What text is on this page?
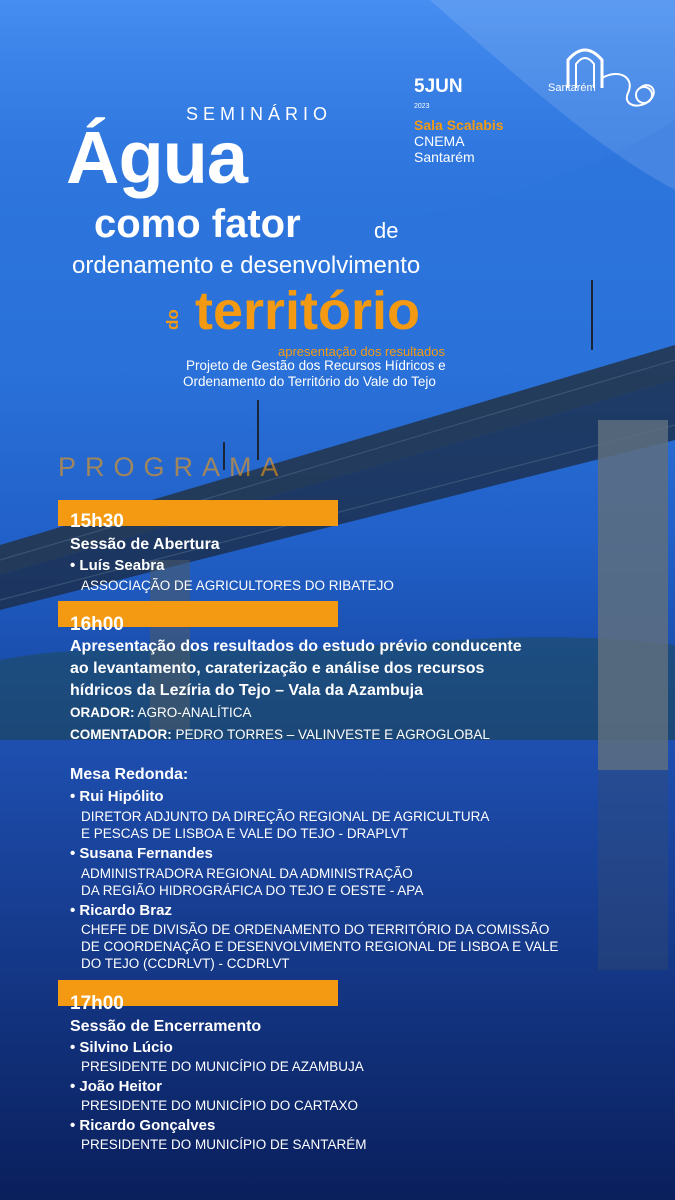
Santarém
5JUN
2023
Sala Scalabis
CNEMA
Santarém
SEMINÁRIO
Água
como fator	de
ordenamento e desenvolvimento
do território
apresentação dos resultados
Projeto de Gestão dos Recursos Hídricos e
Ordenamento do Território do Vale do Tejo
PROGRAMA
15h30
Sessão de Abertura
• Luís Seabra
ASSOCIAÇÃO DE AGRICULTORES DO RIBATEJO
16h00
Apresentação dos resultados do estudo prévio conducente
ao levantamento, caraterização e análise dos recursos
hídricos da Lezíria do Tejo – Vala da Azambuja
ORADOR: AGRO-ANALÍTICA
COMENTADOR: PEDRO TORRES – VALINVESTE E AGROGLOBAL
Mesa Redonda:
• Rui Hipólito
DIRETOR ADJUNTO DA DIREÇÃO REGIONAL DE AGRICULTURA
E PESCAS DE LISBOA E VALE DO TEJO - DRAPLVT
• Susana Fernandes
ADMINISTRADORA REGIONAL DA ADMINISTRAÇÃO
DA REGIÃO HIDROGRÁFICA DO TEJO E OESTE - APA
• Ricardo Braz
CHEFE DE DIVISÃO DE ORDENAMENTO DO TERRITÓRIO DA COMISSÃO
DE COORDENAÇÃO E DESENVOLVIMENTO REGIONAL DE LISBOA E VALE
DO TEJO (CCDRLVT) - CCDRLVT
17h00
Sessão de Encerramento
• Silvino Lúcio
PRESIDENTE DO MUNICÍPIO DE AZAMBUJA
• João Heitor
PRESIDENTE DO MUNICÍPIO DO CARTAXO
• Ricardo Gonçalves
PRESIDENTE DO MUNICÍPIO DE SANTARÉM
